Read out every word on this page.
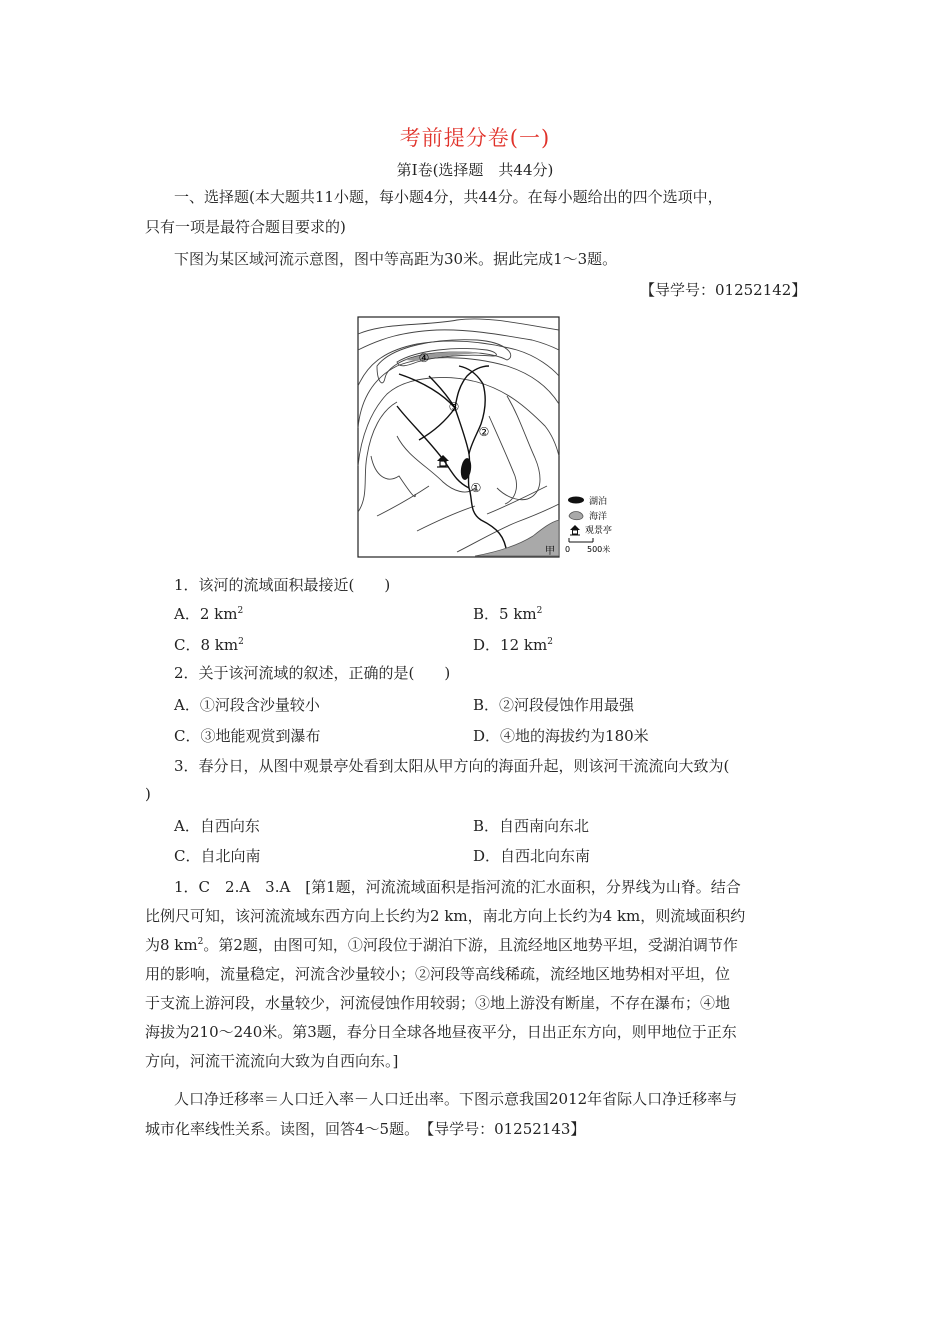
考前提分卷(一)
第Ⅰ卷(选择题　共44分)
一、选择题(本大题共11小题，每小题4分，共44分。在每小题给出的四个选项中，
只有一项是最符合题目要求的)
下图为某区域河流示意图，图中等高距为30米。据此完成1～3题。
【导学号：01252142】
④
③
②
①
甲
湖泊
海洋
观景亭
0 500米
1．该河的流域面积最接近(　　)
A．2 $km^2$	B．5 $km^2$
C．8 $km^2$	D．12 $km^2$
2．关于该河流域的叙述，正确的是(　　)
A．①河段含沙量较小	B．②河段侵蚀作用最强
C．③地能观赏到瀑布	D．④地的海拔约为180米
3．春分日，从图中观景亭处看到太阳从甲方向的海面升起，则该河干流流向大致为(
)
A．自西向东	B．自西南向东北
C．自北向南	D．自西北向东南
1．C　2.A　3.A　[第1题，河流流域面积是指河流的汇水面积，分界线为山脊。结合
比例尺可知，该河流流域东西方向上长约为2 km，南北方向上长约为4 km，则流域面积约
为8 $km^2$。第2题，由图可知，①河段位于湖泊下游，且流经地区地势平坦，受湖泊调节作
用的影响，流量稳定，河流含沙量较小；②河段等高线稀疏，流经地区地势相对平坦，位
于支流上游河段，水量较少，河流侵蚀作用较弱；③地上游没有断崖，不存在瀑布；④地
海拔为210～240米。第3题，春分日全球各地昼夜平分，日出正东方向，则甲地位于正东
方向，河流干流流向大致为自西向东。]
人口净迁移率＝人口迁入率－人口迁出率。下图示意我国2012年省际人口净迁移率与
城市化率线性关系。读图，回答4～5题。　【导学号：01252143】
